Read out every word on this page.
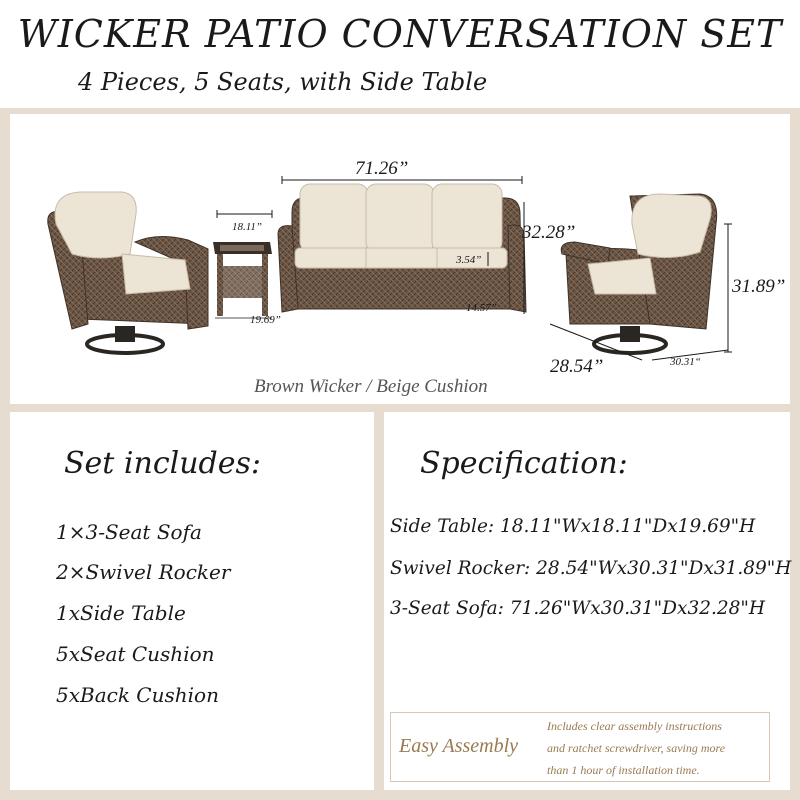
WICKER PATIO CONVERSATION SET
4 Pieces, 5 Seats, with Side Table
71.26”
32.28”
3.54”
14.57”
18.11”
19.69”
31.89”
28.54”	30.31“
Brown Wicker / Beige Cushion
Set includes:
1×3-Seat Sofa
2×Swivel Rocker
1xSide Table
5xSeat Cushion
5xBack Cushion
Specification:
Side Table: 18.11"Wx18.11"Dx19.69"H
Swivel Rocker: 28.54"Wx30.31"Dx31.89"H
3-Seat Sofa: 71.26"Wx30.31"Dx32.28"H
Easy Assembly
Includes clear assembly instructions
and ratchet screwdriver, saving more
than 1 hour of installation time.
